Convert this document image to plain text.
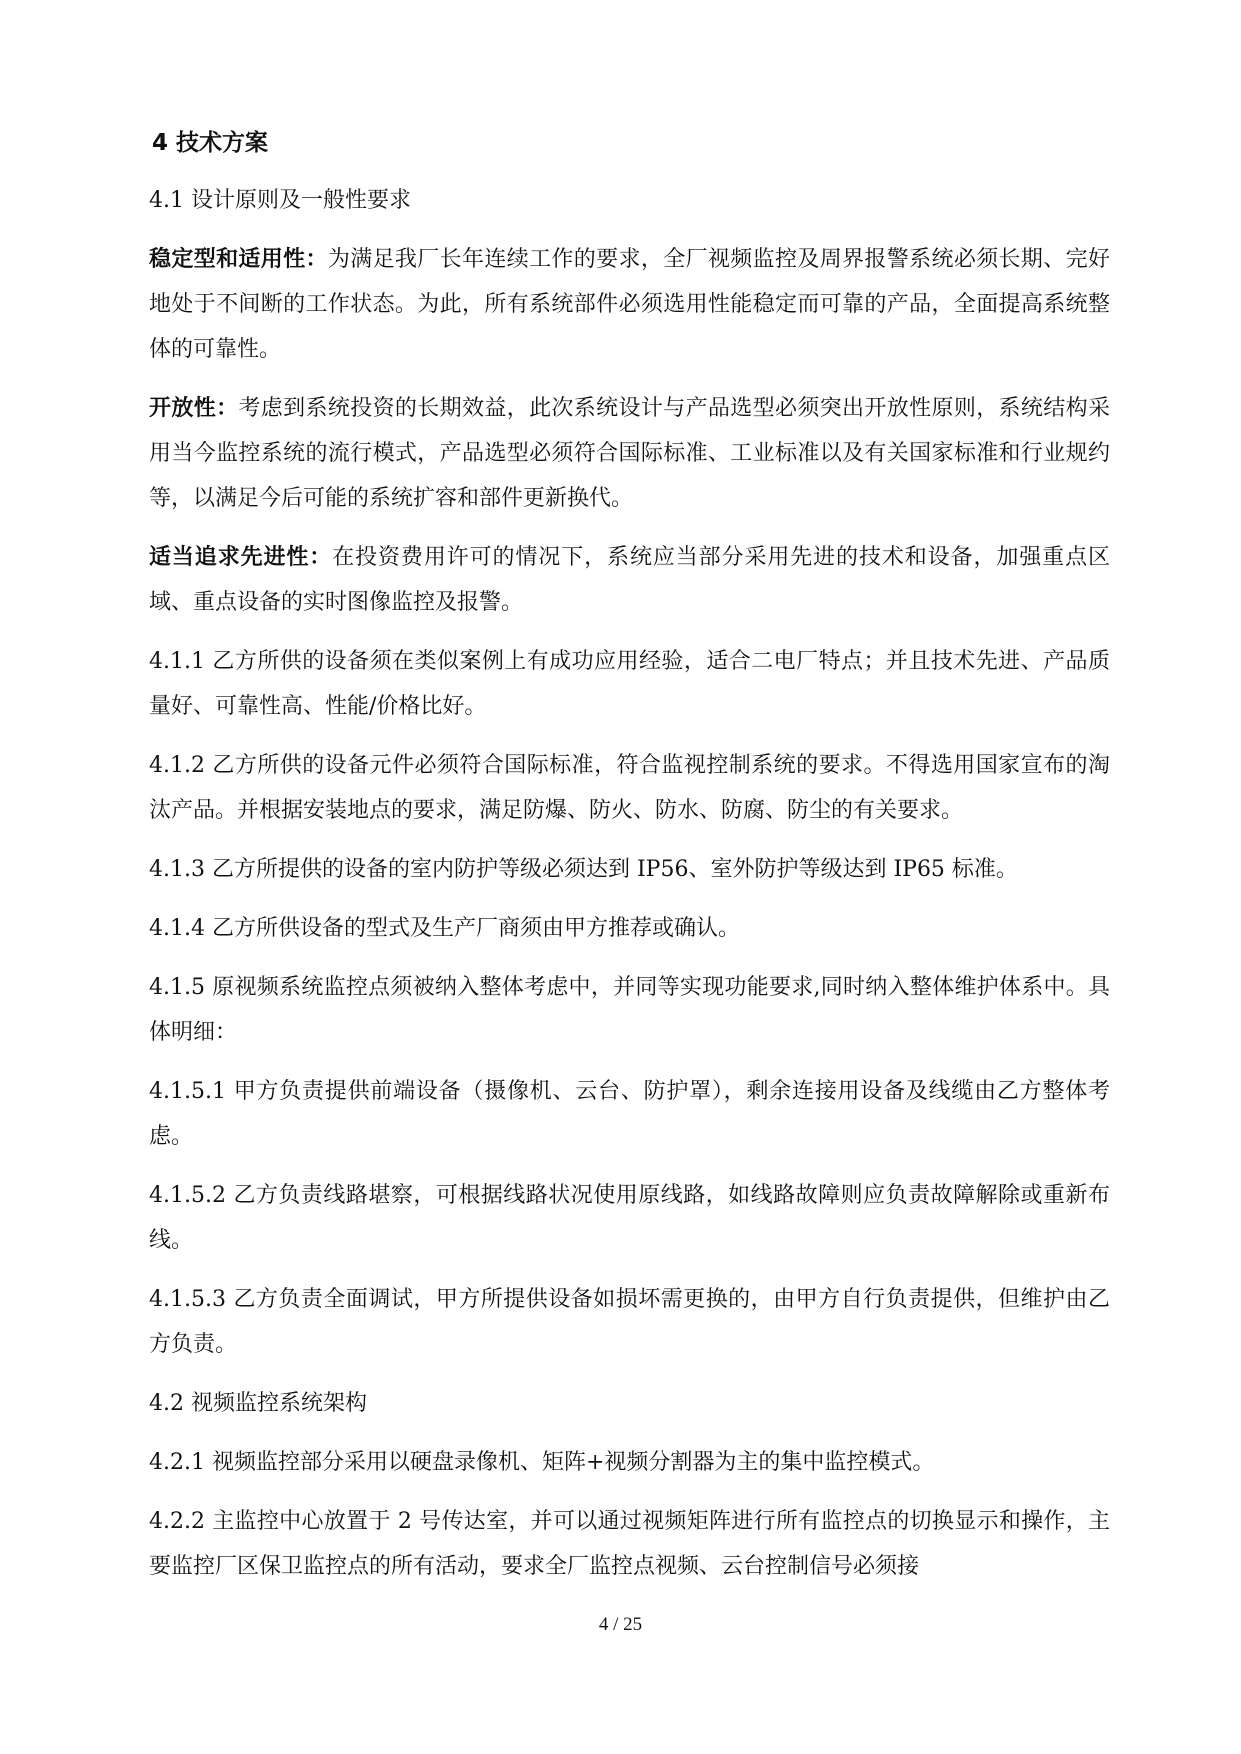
4 技术方案

4.1 设计原则及一般性要求

稳定型和适用性：为满足我厂长年连续工作的要求，全厂视频监控及周界报警系统必须长期、完好地处于不间断的工作状态。为此，所有系统部件必须选用性能稳定而可靠的产品，全面提高系统整体的可靠性。

开放性：考虑到系统投资的长期效益，此次系统设计与产品选型必须突出开放性原则，系统结构采用当今监控系统的流行模式，产品选型必须符合国际标准、工业标准以及有关国家标准和行业规约等，以满足今后可能的系统扩容和部件更新换代。

适当追求先进性：在投资费用许可的情况下，系统应当部分采用先进的技术和设备，加强重点区域、重点设备的实时图像监控及报警。

4.1.1 乙方所供的设备须在类似案例上有成功应用经验，适合二电厂特点；并且技术先进、产品质量好、可靠性高、性能/价格比好。

4.1.2 乙方所供的设备元件必须符合国际标准，符合监视控制系统的要求。不得选用国家宣布的淘汰产品。并根据安装地点的要求，满足防爆、防火、防水、防腐、防尘的有关要求。

4.1.3 乙方所提供的设备的室内防护等级必须达到 IP56、室外防护等级达到 IP65 标准。

4.1.4 乙方所供设备的型式及生产厂商须由甲方推荐或确认。

4.1.5 原视频系统监控点须被纳入整体考虑中，并同等实现功能要求,同时纳入整体维护体系中。具体明细：

4.1.5.1 甲方负责提供前端设备（摄像机、云台、防护罩），剩余连接用设备及线缆由乙方整体考虑。

4.1.5.2 乙方负责线路堪察，可根据线路状况使用原线路，如线路故障则应负责故障解除或重新布线。

4.1.5.3 乙方负责全面调试，甲方所提供设备如损坏需更换的，由甲方自行负责提供，但维护由乙方负责。

4.2 视频监控系统架构

4.2.1 视频监控部分采用以硬盘录像机、矩阵+视频分割器为主的集中监控模式。

4.2.2 主监控中心放置于 2 号传达室，并可以通过视频矩阵进行所有监控点的切换显示和操作，主要监控厂区保卫监控点的所有活动，要求全厂监控点视频、云台控制信号必须接

4 / 25
